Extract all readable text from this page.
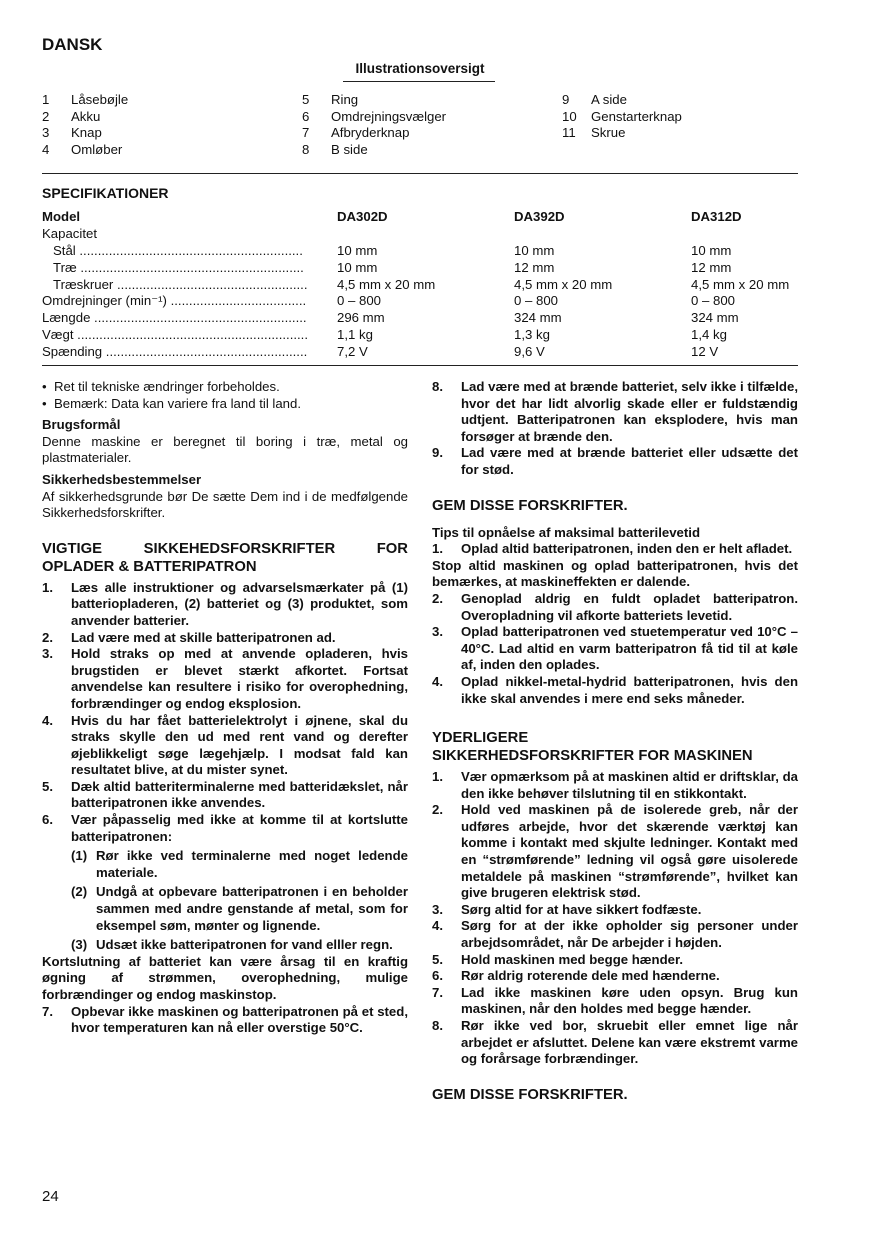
DANSK
Illustrationsoversigt
1	Låsebøjle
2	Akku
3	Knap
4	Omløber
5	Ring
6	Omdrejningsvælger
7	Afbryderknap
8	B side
9	A side
10	Genstarterknap
11	Skrue
SPECIFIKATIONER
Model	DA302D	DA392D	DA312D
Kapacitet
Stål .............................................................	10 mm	10 mm	10 mm
Træ .............................................................	10 mm	12 mm	12 mm
Træskruer ....................................................	4,5 mm x 20 mm	4,5 mm x 20 mm	4,5 mm x 20 mm
Omdrejninger (min⁻¹) .....................................	0 – 800	0 – 800	0 – 800
Længde ..........................................................	296 mm	324 mm	324 mm
Vægt ...............................................................	1,1 kg	1,3 kg	1,4 kg
Spænding .......................................................	7,2 V	9,6 V	12 V
• Ret til tekniske ændringer forbeholdes.
• Bemærk: Data kan variere fra land til land.

Brugsformål

Denne maskine er beregnet til boring i træ, metal og plastmaterialer.

Sikkerhedsbestemmelser

Af sikkerhedsgrunde bør De sætte Dem ind i de medfølgende Sikkerhedsforskrifter.

VIGTIGE SIKKEHEDSFORSKRIFTER FOR OPLADER & BATTERIPATRON

1.	Læs alle instruktioner og advarselsmærkater på (1) batteriopladeren, (2) batteriet og (3) produktet, som anvender batterier.
2.	Lad være med at skille batteripatronen ad.
3.	Hold straks op med at anvende opladeren, hvis brugstiden er blevet stærkt afkortet. Fortsat anvendelse kan resultere i risiko for overophedning, forbrændinger og endog eksplosion.
4.	Hvis du har fået batterielektrolyt i øjnene, skal du straks skylle den ud med rent vand og derefter øjeblikkeligt søge lægehjælp. I modsat fald kan resultatet blive, at du mister synet.
5.	Dæk altid batteriterminalerne med batteridækslet, når batteripatronen ikke anvendes.
6.	Vær påpasselig med ikke at komme til at kortslutte batteripatronen:
(1) Rør ikke ved terminalerne med noget ledende materiale.
(2) Undgå at opbevare batteripatronen i en beholder sammen med andre genstande af metal, som for eksempel søm, mønter og lignende.
(3) Udsæt ikke batteripatronen for vand elller regn.

Kortslutning af batteriet kan være årsag til en kraftig øgning af strømmen, overophedning, mulige forbrændinger og endog maskinstop.

7.	Opbevar ikke maskinen og batteripatronen på et sted, hvor temperaturen kan nå eller overstige 50°C.
8.	Lad være med at brænde batteriet, selv ikke i tilfælde, hvor det har lidt alvorlig skade eller er fuldstændig udtjent. Batteripatronen kan eksplodere, hvis man forsøger at brænde den.
9.	Lad være med at brænde batteriet eller udsætte det for stød.

GEM DISSE FORSKRIFTER.

Tips til opnåelse af maksimal batterilevetid

1.	Oplad altid batteripatronen, inden den er helt afladet.

Stop altid maskinen og oplad batteripatronen, hvis det bemærkes, at maskineffekten er dalende.

2.	Genoplad aldrig en fuldt opladet batteripatron. Overopladning vil afkorte batteriets levetid.
3.	Oplad batteripatronen ved stuetemperatur ved 10°C – 40°C. Lad altid en varm batteripatron få tid til at køle af, inden den oplades.
4.	Oplad nikkel-metal-hydrid batteripatronen, hvis den ikke skal anvendes i mere end seks måneder.

YDERLIGERE

SIKKERHEDSFORSKRIFTER FOR MASKINEN

1.	Vær opmærksom på at maskinen altid er driftsklar, da den ikke behøver tilslutning til en stikkontakt.
2.	Hold ved maskinen på de isolerede greb, når der udføres arbejde, hvor det skærende værktøj kan komme i kontakt med skjulte ledninger. Kontakt med en “strømførende” ledning vil også gøre uisolerede metaldele på maskinen “strømførende”, hvilket kan give brugeren elektrisk stød.
3.	Sørg altid for at have sikkert fodfæste.
4.	Sørg for at der ikke opholder sig personer under arbejdsområdet, når De arbejder i højden.
5.	Hold maskinen med begge hænder.
6.	Rør aldrig roterende dele med hænderne.
7.	Lad ikke maskinen køre uden opsyn. Brug kun maskinen, når den holdes med begge hænder.
8.	Rør ikke ved bor, skruebit eller emnet lige når arbejdet er afsluttet. Delene kan være ekstremt varme og forårsage forbrændinger.

GEM DISSE FORSKRIFTER.

24
